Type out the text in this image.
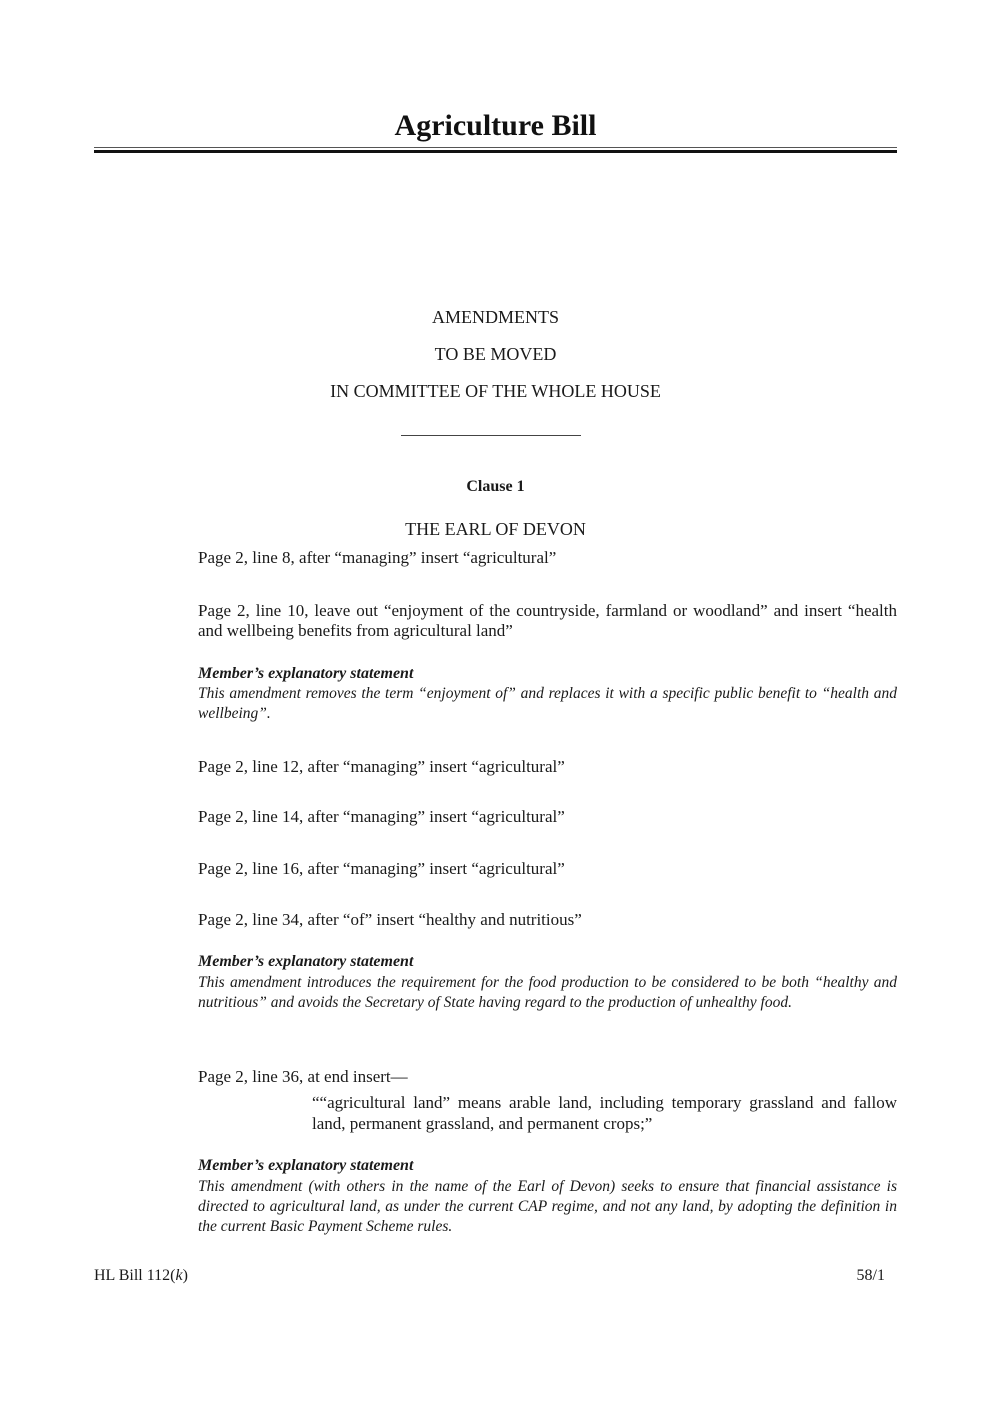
Agriculture Bill
AMENDMENTS
TO BE MOVED
IN COMMITTEE OF THE WHOLE HOUSE
Clause 1
THE EARL OF DEVON
Page 2, line 8, after “managing” insert “agricultural”
Page 2, line 10, leave out “enjoyment of the countryside, farmland or woodland” and insert “health and wellbeing benefits from agricultural land”
Member’s explanatory statement
This amendment removes the term “enjoyment of” and replaces it with a specific public benefit to “health and wellbeing”.
Page 2, line 12, after “managing” insert “agricultural”
Page 2, line 14, after “managing” insert “agricultural”
Page 2, line 16, after “managing” insert “agricultural”
Page 2, line 34, after “of” insert “healthy and nutritious”
Member’s explanatory statement
This amendment introduces the requirement for the food production to be considered to be both “healthy and nutritious” and avoids the Secretary of State having regard to the production of unhealthy food.
Page 2, line 36, at end insert—
““agricultural land” means arable land, including temporary grassland and fallow land, permanent grassland, and permanent crops;”
Member’s explanatory statement
This amendment (with others in the name of the Earl of Devon) seeks to ensure that financial assistance is directed to agricultural land, as under the current CAP regime, and not any land, by adopting the definition in the current Basic Payment Scheme rules.
HL Bill 112(k)	58/1
